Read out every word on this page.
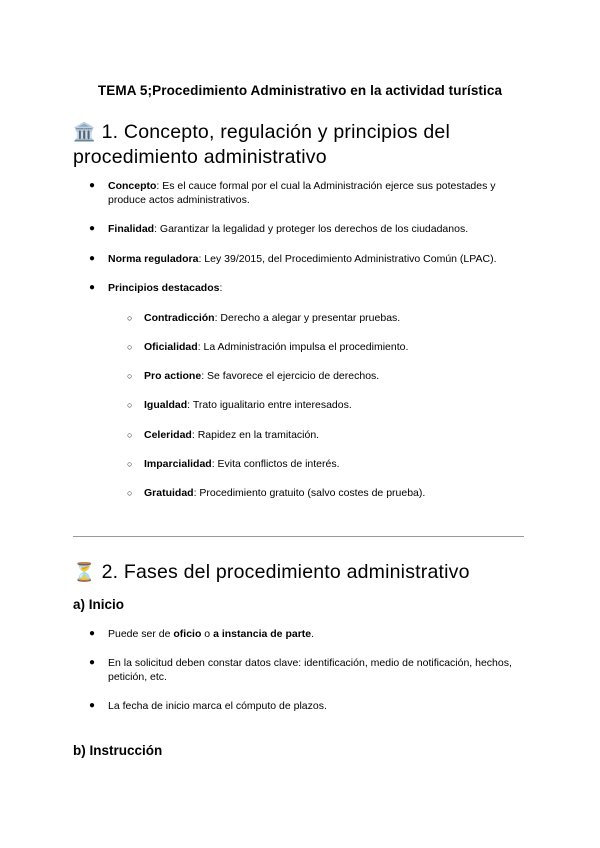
TEMA 5;Procedimiento Administrativo en la actividad turística
🏛️ 1. Concepto, regulación y principios del
procedimiento administrativo
● Concepto: Es el cauce formal por el cual la Administración ejerce sus potestades y produce actos administrativos.
● Finalidad: Garantizar la legalidad y proteger los derechos de los ciudadanos.
● Norma reguladora: Ley 39/2015, del Procedimiento Administrativo Común (LPAC).
● Principios destacados:
○ Contradicción: Derecho a alegar y presentar pruebas.
○ Oficialidad: La Administración impulsa el procedimiento.
○ Pro actione: Se favorece el ejercicio de derechos.
○ Igualdad: Trato igualitario entre interesados.
○ Celeridad: Rapidez en la tramitación.
○ Imparcialidad: Evita conflictos de interés.
○ Gratuidad: Procedimiento gratuito (salvo costes de prueba).
⏳ 2. Fases del procedimiento administrativo
a) Inicio
● Puede ser de oficio o a instancia de parte.
● En la solicitud deben constar datos clave: identificación, medio de notificación, hechos, petición, etc.
● La fecha de inicio marca el cómputo de plazos.
b) Instrucción
